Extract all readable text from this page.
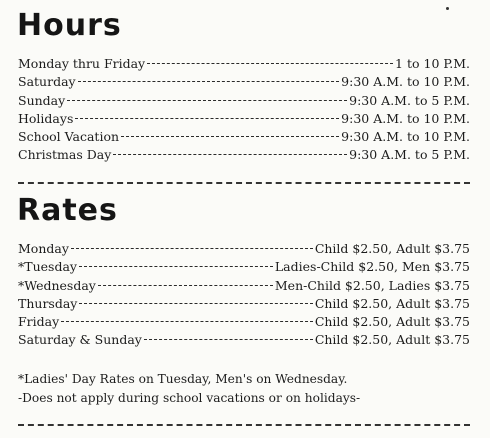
Hours
Monday thru Friday	1 to 10 P.M.
Saturday	9:30 A.M. to 10 P.M.
Sunday	9:30 A.M. to 5 P.M.
Holidays	9:30 A.M. to 10 P.M.
School Vacation	9:30 A.M. to 10 P.M.
Christmas Day	9:30 A.M. to 5 P.M.
Rates
Monday	Child $2.50, Adult $3.75
*Tuesday	Ladies-Child $2.50, Men $3.75
*Wednesday	Men-Child $2.50, Ladies $3.75
Thursday	Child $2.50, Adult $3.75
Friday	Child $2.50, Adult $3.75
Saturday & Sunday	Child $2.50, Adult $3.75
*Ladies' Day Rates on Tuesday, Men's on Wednesday.
-Does not apply during school vacations or on holidays-
